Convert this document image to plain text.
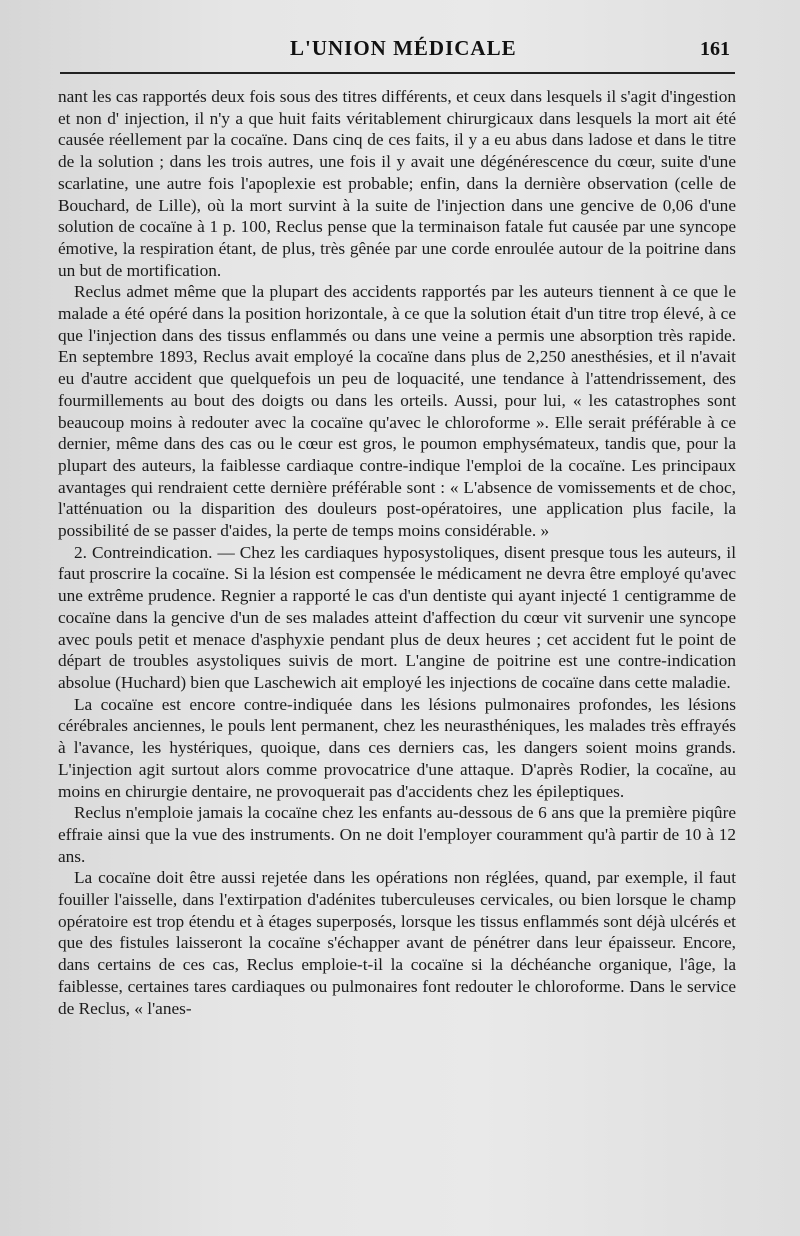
L'UNION MÉDICALE	161

nant les cas rapportés deux fois sous des titres différents, et ceux dans lesquels il s'agit d'ingestion et non d' injection, il n'y a que huit faits véritablement chirurgicaux dans lesquels la mort ait été causée réellement par la cocaïne. Dans cinq de ces faits, il y a eu abus dans ladose et dans le titre de la solution ; dans les trois autres, une fois il y avait une dégénérescence du cœur, suite d'une scarlatine, une autre fois l'apoplexie est probable; enfin, dans la dernière observation (celle de Bouchard, de Lille), où la mort survint à la suite de l'injection dans une gencive de 0,06 d'une solution de cocaïne à 1 p. 100, Reclus pense que la terminaison fatale fut causée par une syncope émotive, la respiration étant, de plus, très gênée par une corde enroulée autour de la poitrine dans un but de mortification.

Reclus admet même que la plupart des accidents rapportés par les auteurs tiennent à ce que le malade a été opéré dans la position horizontale, à ce que la solution était d'un titre trop élevé, à ce que l'injection dans des tissus enflammés ou dans une veine a permis une absorption très rapide. En septembre 1893, Reclus avait employé la cocaïne dans plus de 2,250 anesthésies, et il n'avait eu d'autre accident que quelquefois un peu de loquacité, une tendance à l'attendrissement, des fourmillements au bout des doigts ou dans les orteils. Aussi, pour lui, « les catastrophes sont beaucoup moins à redouter avec la cocaïne qu'avec le chloroforme ». Elle serait préférable à ce dernier, même dans des cas ou le cœur est gros, le poumon emphysémateux, tandis que, pour la plupart des auteurs, la faiblesse cardiaque contre-indique l'emploi de la cocaïne. Les principaux avantages qui rendraient cette dernière préférable sont : « L'absence de vomissements et de choc, l'atténuation ou la disparition des douleurs post-opératoires, une application plus facile, la possibilité de se passer d'aides, la perte de temps moins considérable. »

2. Contreindication. — Chez les cardiaques hyposystoliques, disent presque tous les auteurs, il faut proscrire la cocaïne. Si la lésion est compensée le médicament ne devra être employé qu'avec une extrême prudence. Regnier a rapporté le cas d'un dentiste qui ayant injecté 1 centigramme de cocaïne dans la gencive d'un de ses malades atteint d'affection du cœur vit survenir une syncope avec pouls petit et menace d'asphyxie pendant plus de deux heures ; cet accident fut le point de départ de troubles asystoliques suivis de mort. L'angine de poitrine est une contre-indication absolue (Huchard) bien que Laschewich ait employé les injections de cocaïne dans cette maladie.

La cocaïne est encore contre-indiquée dans les lésions pulmonaires profondes, les lésions cérébrales anciennes, le pouls lent permanent, chez les neurasthéniques, les malades très effrayés à l'avance, les hystériques, quoique, dans ces derniers cas, les dangers soient moins grands. L'injection agit surtout alors comme provocatrice d'une attaque. D'après Rodier, la cocaïne, au moins en chirurgie dentaire, ne provoquerait pas d'accidents chez les épileptiques.

Reclus n'emploie jamais la cocaïne chez les enfants au-dessous de 6 ans que la première piqûre effraie ainsi que la vue des instruments. On ne doit l'employer couramment qu'à partir de 10 à 12 ans.

La cocaïne doit être aussi rejetée dans les opérations non réglées, quand, par exemple, il faut fouiller l'aisselle, dans l'extirpation d'adénites tuberculeuses cervicales, ou bien lorsque le champ opératoire est trop étendu et à étages superposés, lorsque les tissus enflammés sont déjà ulcérés et que des fistules laisseront la cocaïne s'échapper avant de pénétrer dans leur épaisseur. Encore, dans certains de ces cas, Reclus emploie-t-il la cocaïne si la déchéanche organique, l'âge, la faiblesse, certaines tares cardiaques ou pulmonaires font redouter le chloroforme. Dans le service de Reclus, « l'anes-
